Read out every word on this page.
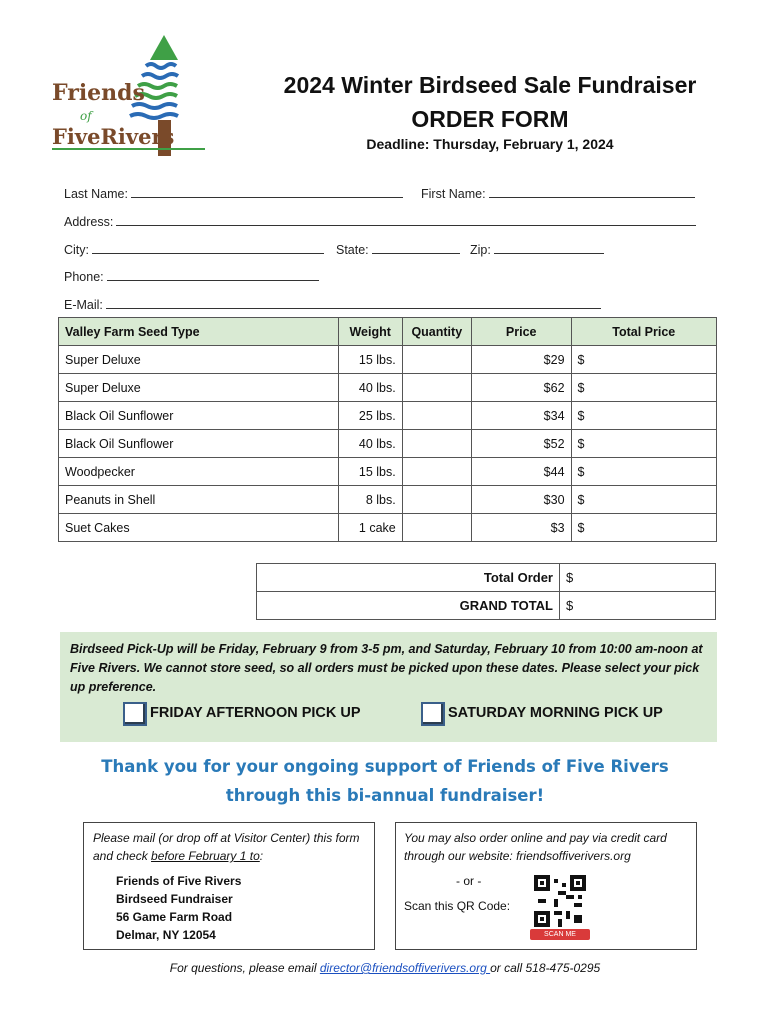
Friends
of
FiveRivers
2024 Winter Birdseed Sale Fundraiser
ORDER FORM
Deadline: Thursday, February 1, 2024
Last Name:	First Name:
Address:
City:	State:	Zip:
Phone:
E-Mail:
Valley Farm Seed Type	Weight	Quantity	Price	Total Price
Super Deluxe	15 lbs.		$29	$
Super Deluxe	40 lbs.		$62	$
Black Oil Sunflower	25 lbs.		$34	$
Black Oil Sunflower	40 lbs.		$52	$
Woodpecker	15 lbs.		$44	$
Peanuts in Shell	8 lbs.		$30	$
Suet Cakes	1 cake		$3	$
Total Order	$
GRAND TOTAL	$
Birdseed Pick-Up will be Friday, February 9 from 3-5 pm, and Saturday, February 10 from 10:00 am-noon at Five Rivers. We cannot store seed, so all orders must be picked upon these dates. Please select your pick up preference.
FRIDAY AFTERNOON PICK UP	SATURDAY MORNING PICK UP
Thank you for your ongoing support of Friends of Five Rivers
through this bi-annual fundraiser!
Please mail (or drop off at Visitor Center) this form and check before February 1 to:
Friends of Five Rivers
Birdseed Fundraiser
56 Game Farm Road
Delmar, NY 12054
You may also order online and pay via credit card through our website: friendsoffiverivers.org
- or -
Scan this QR Code:
SCAN ME
For questions, please email director@friendsoffiverivers.org or call 518-475-0295
